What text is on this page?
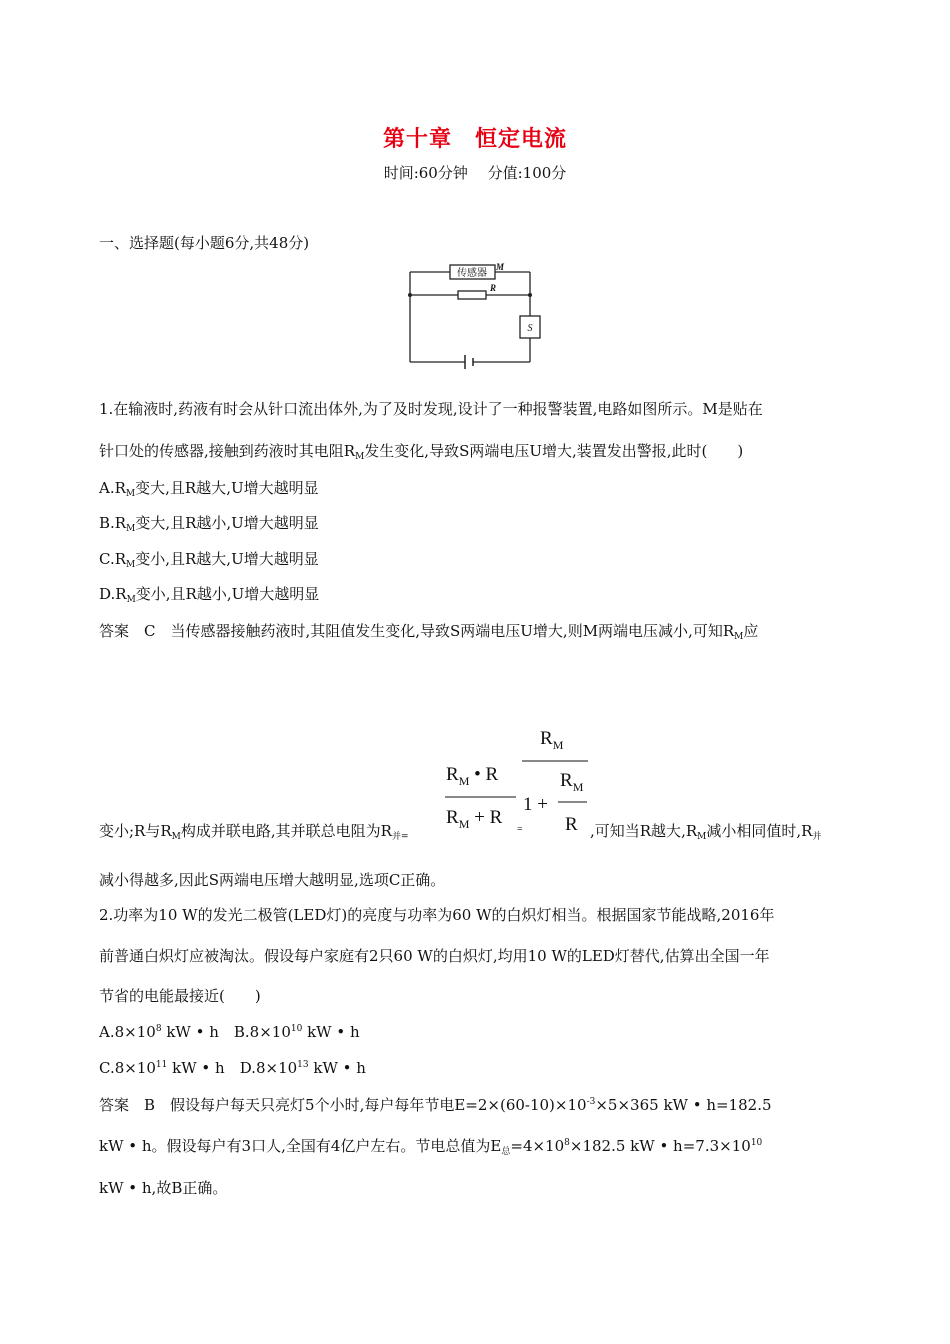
第十章　恒定电流
时间:60分钟　 分值:100分
一、选择题(每小题6分,共48分)
传感器
M
R
S
1.在输液时,药液有时会从针口流出体外,为了及时发现,设计了一种报警装置,电路如图所示。M是贴在
针口处的传感器,接触到药液时其电阻$R_M$发生变化,导致S两端电压U增大,装置发出警报,此时(　　)
$A.R_M$变大,且R越大,U增大越明显
$B.R_M$变大,且R越小,U增大越明显
$C.R_M$变小,且R越大,U增大越明显
$D.R_M$变小,且R越小,U增大越明显
答案　C　当传感器接触药液时,其阻值发生变化,导致S两端电压U增大,则M两端电压减小,可知$R_M$应
$R_M$ • R
$R_M + R$
=
$R_M$
1 +
$R_M$
R
变小;R与$R_M$构成并联电路,其并联总电阻为$R_{并=}$	,可知当R越大$,R_M$减小相同值时$,R_并$
减小得越多,因此S两端电压增大越明显,选项C正确。
2.功率为10 W的发光二极管(LED灯)的亮度与功率为60 W的白炽灯相当。根据国家节能战略,2016年
前普通白炽灯应被淘汰。假设每户家庭有2只60 W的白炽灯,均用10 W的LED灯替代,估算出全国一年
节省的电能最接近(　　)
$A.8\times 10^8$ kW • h　$B.8\times 10^{10}$ kW • h
$C.8\times 10^{11}$ kW • h　$D.8\times 10^{13}$ kW • h
答案　B　假设每户每天只亮灯5个小时,每户每年节电$E=2\times(60-10)\times 10^{-3}\times 5\times 365$ kW • h=182.5
kW • h。假设每户有3口人,全国有4亿户左右。节电总值为$E_总=4\times 10^8\times 182.5$ kW • $h=7.3\times 10^{10}$
kW • h,故B正确。
